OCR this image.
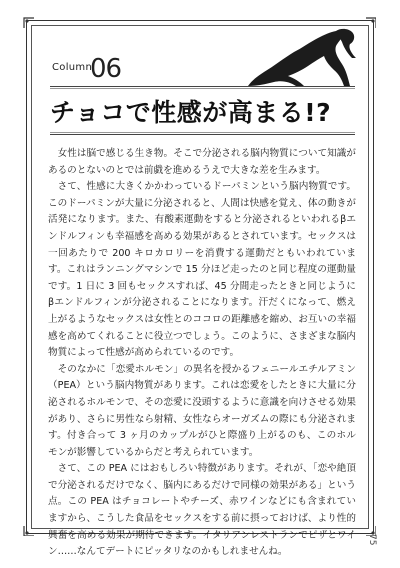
Column
06
チョコで性感が高まる!?

女性は脳で感じる生き物。そこで分泌される脳内物質について知識があるのとないのとでは前戯を進めるうえで大きな差を生みます。

さて、性感に大きくかかわっているドーパミンという脳内物質です。このドーパミンが大量に分泌されると、人間は快感を覚え、体の動きが活発になります。また、有酸素運動をすると分泌されるといわれるβエンドルフィンも幸福感を高める効果があるとされています。セックスは一回あたりで 200 キロカロリーを消費する運動だともいわれています。これはランニングマシンで 15 分ほど走ったのと同じ程度の運動量です。1 日に 3 回もセックスすれば、45 分間走ったときと同じようにβエンドルフィンが分泌されることになります。汗だくになって、燃え上がるようなセックスは女性とのココロの距離感を縮め、お互いの幸福感を高めてくれることに役立つでしょう。このように、さまざまな脳内物質によって性感が高められているのです。

そのなかに「恋愛ホルモン」の異名を授かるフェニールエチルアミン（PEA）という脳内物質があります。これは恋愛をしたときに大量に分泌されるホルモンで、その恋愛に没頭するように意識を向けさせる効果があり、さらに男性なら射精、女性ならオーガズムの際にも分泌されます。付き合って 3 ヶ月のカップルがひと際盛り上がるのも、このホルモンが影響しているからだと考えられています。

さて、この PEA にはおもしろい特徴があります。それが、「恋や絶頂で分泌されるだけでなく、脳内にあるだけで同様の効果がある」という点。この PEA はチョコレートやチーズ、赤ワインなどにも含まれていますから、こうした食品をセックスをする前に摂っておけば、より性的興奮を高める効果が期待できます。イタリアンレストランでピザとワイン……なんてデートにピッタリなのかもしれませんね。

75
